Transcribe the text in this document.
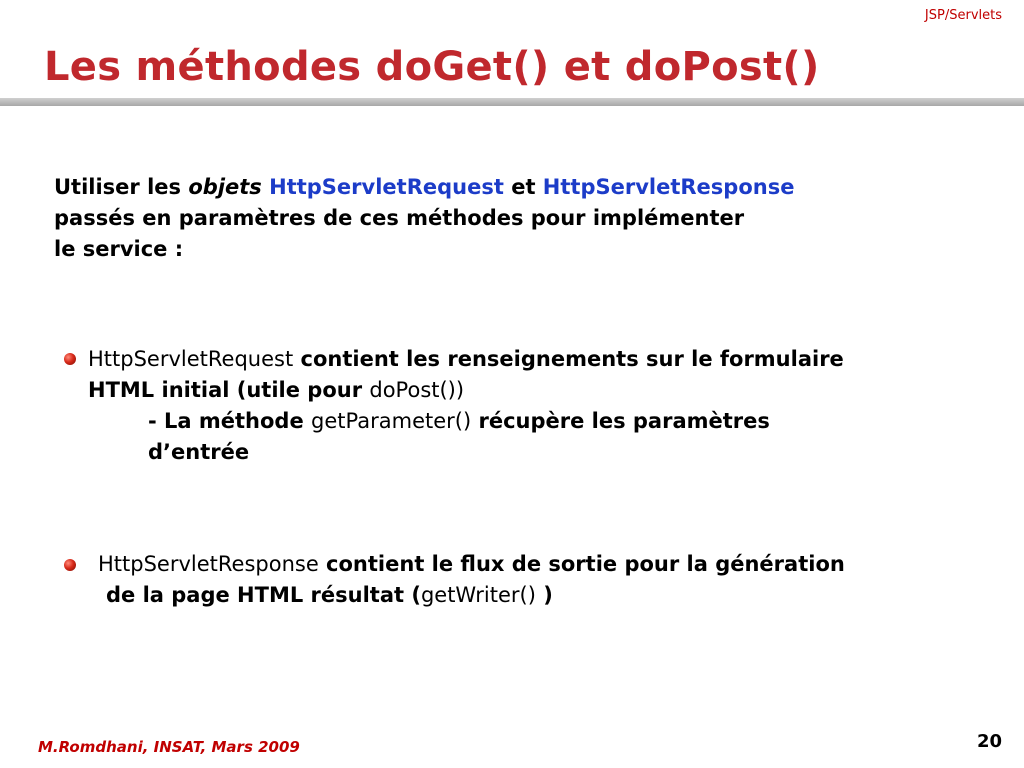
JSP/Servlets
Les méthodes doGet() et doPost()
Utiliser les objets HttpServletRequest et HttpServletResponse
passés en paramètres de ces méthodes pour implémenter
le service :
HttpServletRequest contient les renseignements sur le formulaire
HTML initial (utile pour doPost())
- La méthode getParameter() récupère les paramètres
d’entrée
HttpServletResponse contient le flux de sortie pour la génération
de la page HTML résultat (getWriter() )
M.Romdhani, INSAT, Mars 2009	20
